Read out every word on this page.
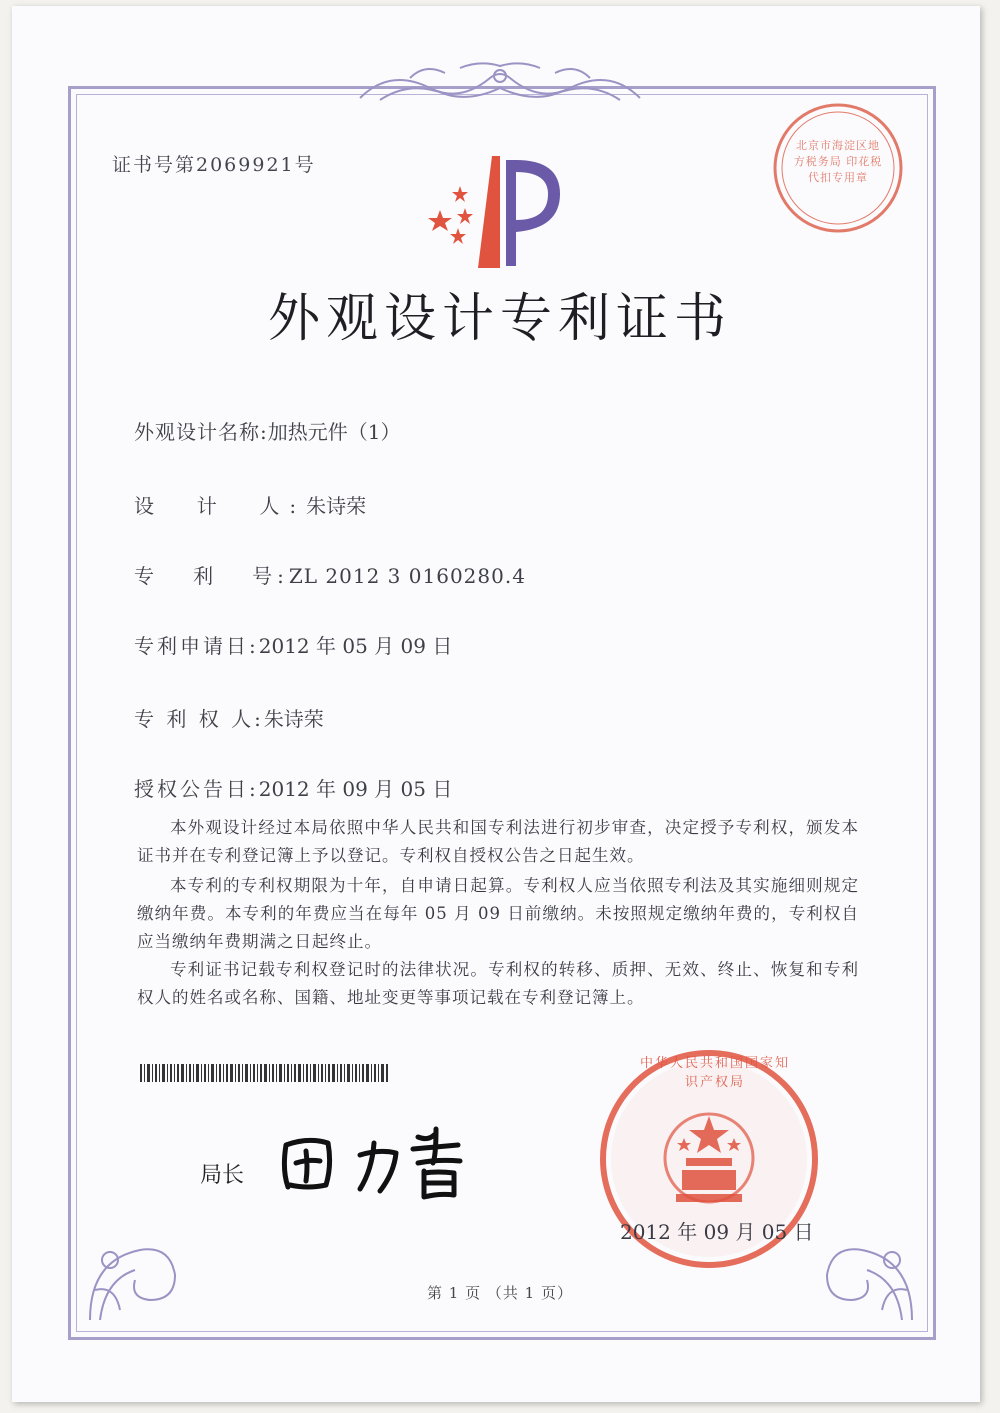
证书号第2069921号
外观设计专利证书
外观设计名称:加热元件（1）
设  计  人:朱诗荣
专   利   号:ZL 2012 3 0160280.4
专利申请日:2012 年 05 月 09 日
专 利 权 人:朱诗荣
授权公告日:2012 年 09 月 05 日
本外观设计经过本局依照中华人民共和国专利法进行初步审查，决定授予专利权，颁发本证书并在专利登记簿上予以登记。专利权自授权公告之日起生效。
本专利的专利权期限为十年，自申请日起算。专利权人应当依照专利法及其实施细则规定缴纳年费。本专利的年费应当在每年 05 月 09 日前缴纳。未按照规定缴纳年费的，专利权自应当缴纳年费期满之日起终止。
专利证书记载专利权登记时的法律状况。专利权的转移、质押、无效、终止、恢复和专利权人的姓名或名称、国籍、地址变更等事项记载在专利登记簿上。
局长
中华人民共和国国家知识产权局
2012 年 09 月 05 日
北京市海淀区地方税务局 印花税 代扣专用章
第 1 页 （共 1 页）
